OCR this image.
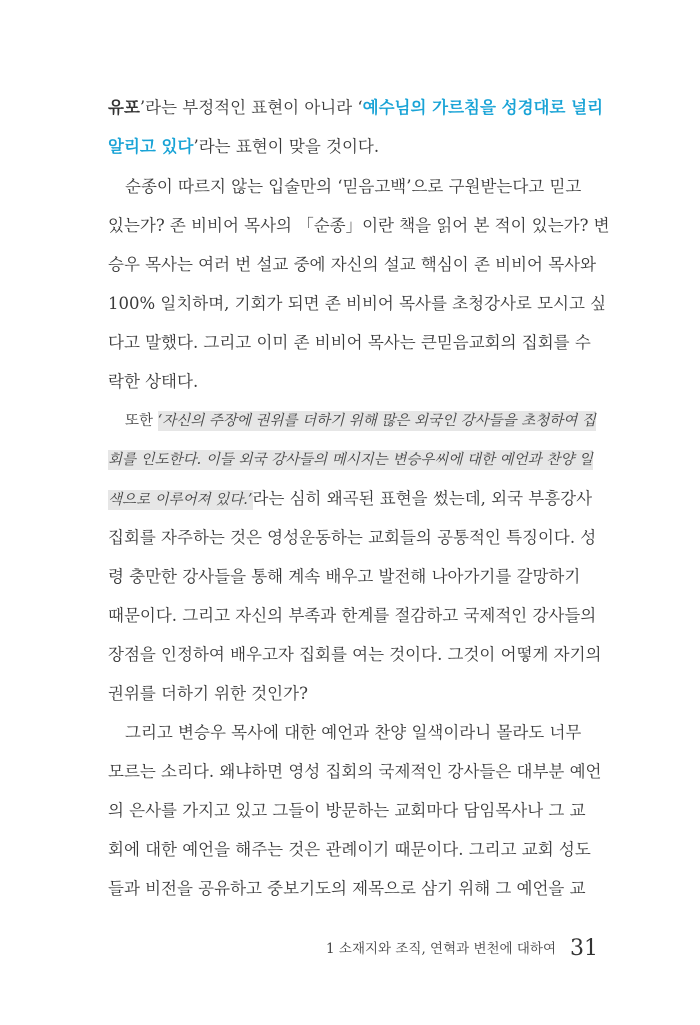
유포’라는 부정적인 표현이 아니라 ‘예수님의 가르침을 성경대로 널리
알리고 있다’라는 표현이 맞을 것이다.
순종이 따르지 않는 입술만의 ‘믿음고백’으로 구원받는다고 믿고
있는가? 존 비비어 목사의 「순종」이란 책을 읽어 본 적이 있는가? 변
승우 목사는 여러 번 설교 중에 자신의 설교 핵심이 존 비비어 목사와
100% 일치하며, 기회가 되면 존 비비어 목사를 초청강사로 모시고 싶
다고 말했다. 그리고 이미 존 비비어 목사는 큰믿음교회의 집회를 수
락한 상태다.
또한 ‘자신의 주장에 권위를 더하기 위해 많은 외국인 강사들을 초청하여 집
회를 인도한다. 이들 외국 강사들의 메시지는 변승우씨에 대한 예언과 찬양 일
색으로 이루어져 있다.’라는 심히 왜곡된 표현을 썼는데, 외국 부흥강사
집회를 자주하는 것은 영성운동하는 교회들의 공통적인 특징이다. 성
령 충만한 강사들을 통해 계속 배우고 발전해 나아가기를 갈망하기
때문이다. 그리고 자신의 부족과 한계를 절감하고 국제적인 강사들의
장점을 인정하여 배우고자 집회를 여는 것이다. 그것이 어떻게 자기의
권위를 더하기 위한 것인가?
그리고 변승우 목사에 대한 예언과 찬양 일색이라니 몰라도 너무
모르는 소리다. 왜냐하면 영성 집회의 국제적인 강사들은 대부분 예언
의 은사를 가지고 있고 그들이 방문하는 교회마다 담임목사나 그 교
회에 대한 예언을 해주는 것은 관례이기 때문이다. 그리고 교회 성도
들과 비전을 공유하고 중보기도의 제목으로 삼기 위해 그 예언을 교
1 소재지와 조직, 연혁과 변천에 대하여 31
